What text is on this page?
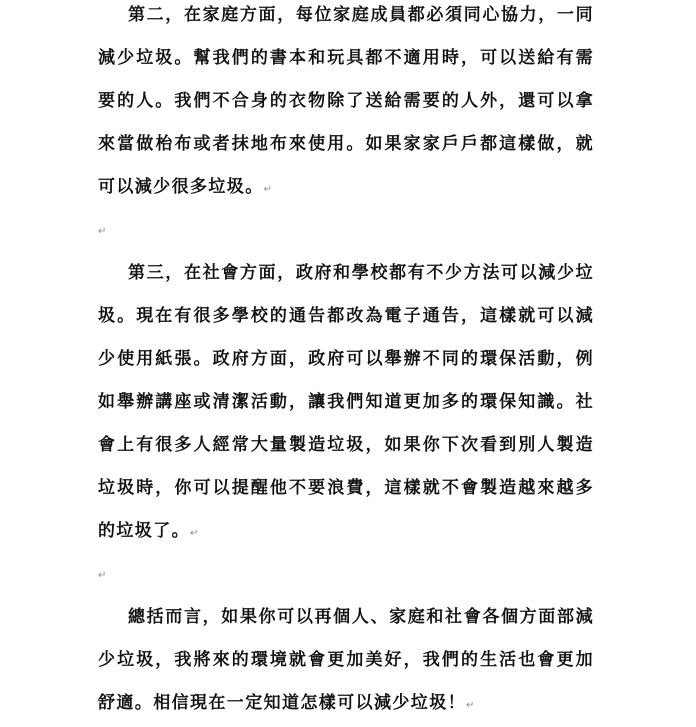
第二，在家庭方面，每位家庭成員都必須同心協力，一同減少垃圾。幫我們的書本和玩具都不適用時，可以送給有需要的人。我們不合身的衣物除了送給需要的人外，還可以拿來當做枱布或者抹地布來使用。如果家家戶戶都這樣做，就可以減少很多垃圾。↵

↵

第三，在社會方面，政府和學校都有不少方法可以減少垃圾。現在有很多學校的通告都改為電子通告，這樣就可以減少使用紙張。政府方面，政府可以舉辦不同的環保活動，例如舉辦講座或清潔活動，讓我們知道更加多的環保知識。社會上有很多人經常大量製造垃圾，如果你下次看到別人製造垃圾時，你可以提醒他不要浪費，這樣就不會製造越來越多的垃圾了。↵

↵

總括而言，如果你可以再個人、家庭和社會各個方面部減少垃圾，我將來的環境就會更加美好，我們的生活也會更加舒適。相信現在一定知道怎樣可以減少垃圾！↵
